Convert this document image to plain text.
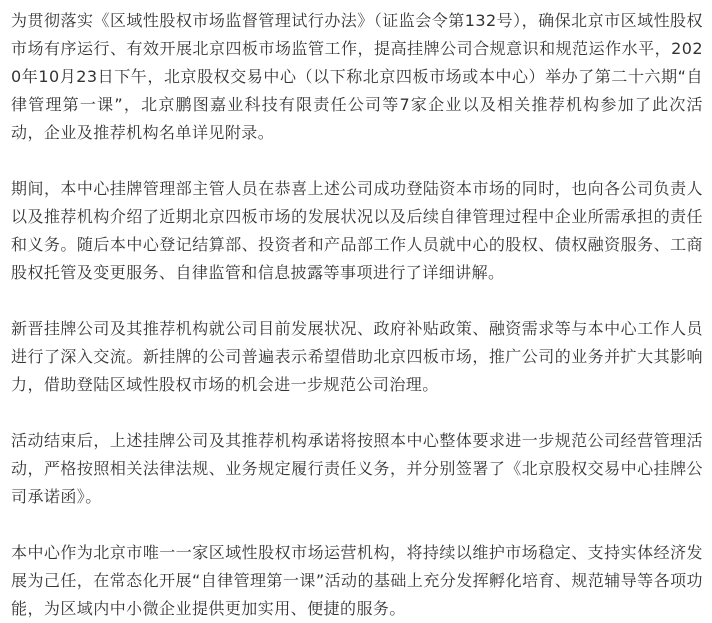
为贯彻落实《区域性股权市场监督管理试行办法》（证监会令第132号），确保北京市区域性股权市场有序运行、有效开展北京四板市场监管工作，提高挂牌公司合规意识和规范运作水平，2020年10月23日下午，北京股权交易中心（以下称北京四板市场或本中心）举办了第二十六期“自律管理第一课”，北京鹏图嘉业科技有限责任公司等7家企业以及相关推荐机构参加了此次活动，企业及推荐机构名单详见附录。

期间，本中心挂牌管理部主管人员在恭喜上述公司成功登陆资本市场的同时，也向各公司负责人以及推荐机构介绍了近期北京四板市场的发展状况以及后续自律管理过程中企业所需承担的责任和义务。随后本中心登记结算部、投资者和产品部工作人员就中心的股权、债权融资服务、工商股权托管及变更服务、自律监管和信息披露等事项进行了详细讲解。

新晋挂牌公司及其推荐机构就公司目前发展状况、政府补贴政策、融资需求等与本中心工作人员进行了深入交流。新挂牌的公司普遍表示希望借助北京四板市场，推广公司的业务并扩大其影响力，借助登陆区域性股权市场的机会进一步规范公司治理。

活动结束后，上述挂牌公司及其推荐机构承诺将按照本中心整体要求进一步规范公司经营管理活动，严格按照相关法律法规、业务规定履行责任义务，并分别签署了《北京股权交易中心挂牌公司承诺函》。

本中心作为北京市唯一一家区域性股权市场运营机构，将持续以维护市场稳定、支持实体经济发展为己任，在常态化开展“自律管理第一课”活动的基础上充分发挥孵化培育、规范辅导等各项功能，为区域内中小微企业提供更加实用、便捷的服务。
